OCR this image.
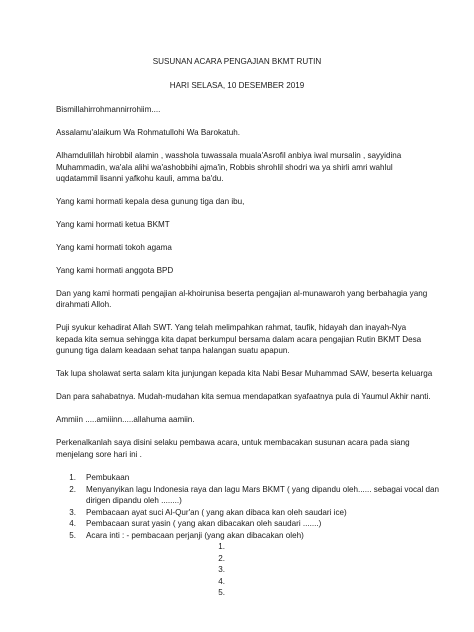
SUSUNAN ACARA PENGAJIAN BKMT RUTIN
HARI SELASA, 10 DESEMBER 2019
Bismillahirrohmannirrohiim....
Assalamu'alaikum Wa Rohmatullohi Wa Barokatuh.
Alhamdulillah hirobbil alamin , wasshola tuwassala muala'Asrofil anbiya iwal mursalin , sayyidina
Muhammadin, wa'ala alihi wa'ashobbihi ajma'in, Robbis shrohlil shodri wa ya shirli amri wahlul
uqdatammil lisanni yafkohu kauli, amma ba'du.
Yang kami hormati kepala desa gunung tiga dan ibu,
Yang kami hormati ketua BKMT
Yang kami hormati tokoh agama
Yang kami hormati anggota BPD
Dan yang kami hormati pengajian al-khoirunisa beserta pengajian al-munawaroh yang berbahagia yang
dirahmati Alloh.
Puji syukur kehadirat Allah SWT. Yang telah melimpahkan rahmat, taufik, hidayah dan inayah-Nya
kepada kita semua sehingga kita dapat berkumpul bersama dalam acara pengajian Rutin BKMT Desa
gunung tiga dalam keadaan sehat tanpa halangan suatu apapun.
Tak lupa sholawat serta salam kita junjungan kepada kita Nabi Besar Muhammad SAW, beserta keluarga
Dan para sahabatnya. Mudah-mudahan kita semua mendapatkan syafaatnya pula di Yaumul Akhir nanti.
Ammiin .....amiiinn.....allahuma aamiin.
Perkenalkanlah saya disini selaku pembawa acara, untuk membacakan susunan acara pada siang
menjelang sore hari ini .
1. Pembukaan
2. Menyanyikan lagu Indonesia raya dan lagu Mars BKMT ( yang dipandu oleh...... sebagai vocal dan
dirigen dipandu oleh ........)
3. Pembacaan ayat suci Al-Qur'an ( yang akan dibaca kan oleh saudari ice)
4. Pembacaan surat yasin ( yang akan dibacakan oleh saudari .......)
5. Acara inti : - pembacaan perjanji (yang akan dibacakan oleh)
1.
2.
3.
4.
5.
